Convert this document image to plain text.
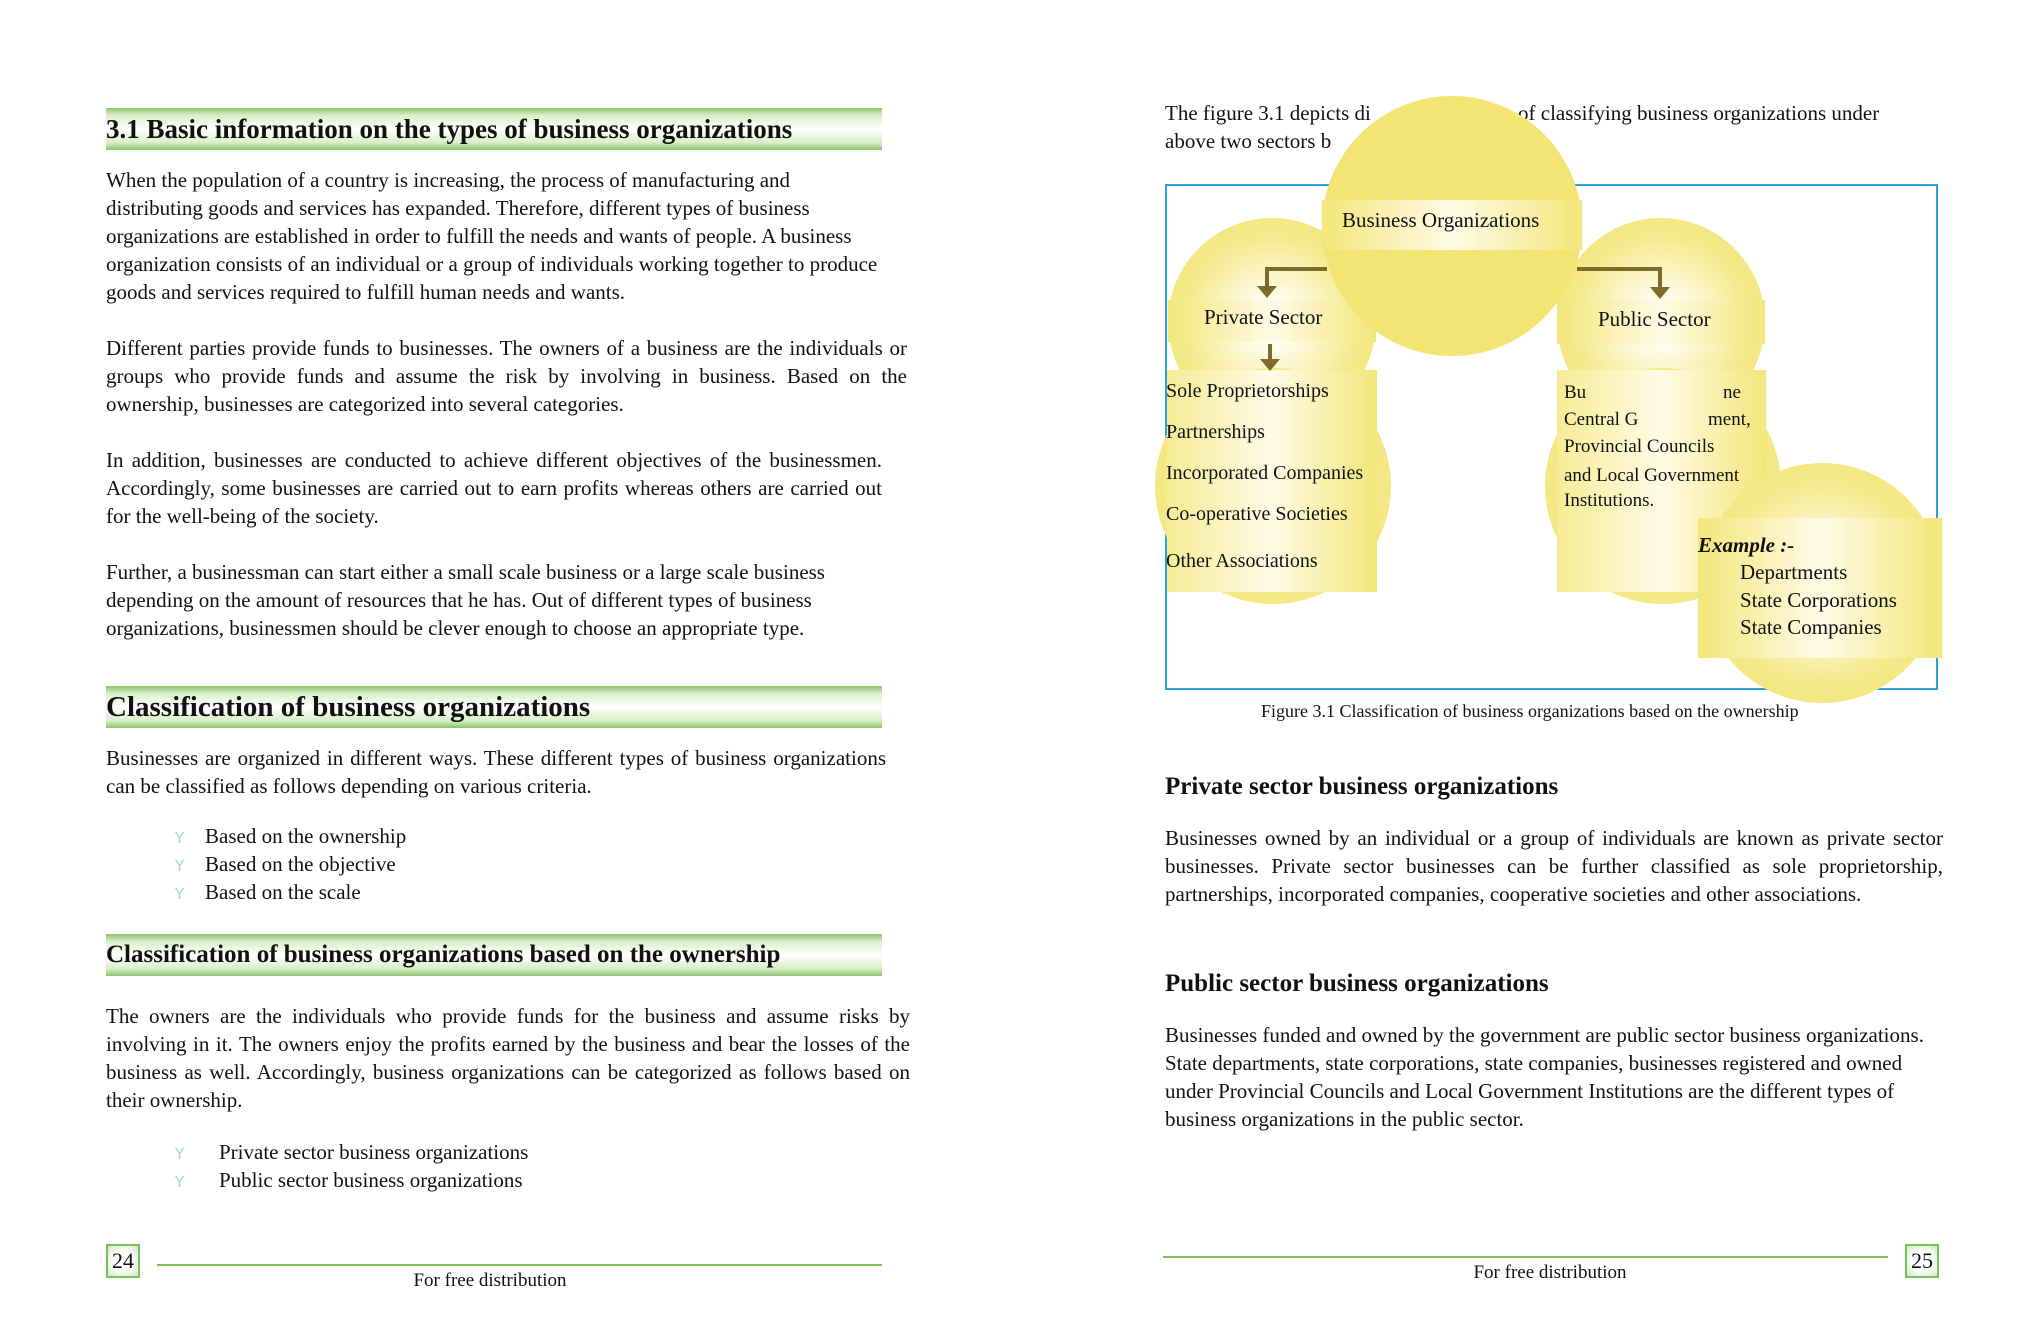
3.1 Basic information on the types of business organizations

When the population of a country is increasing, the process of manufacturing and distributing goods and services has expanded. Therefore, different types of business organizations are established in order to fulfill the needs and wants of people. A business organization consists of an individual or a group of individuals working together to produce goods and services required to fulfill human needs and wants.

Different parties provide funds to businesses. The owners of a business are the individuals or groups who provide funds and assume the risk by involving in business. Based on the ownership, businesses are categorized into several categories.

In addition, businesses are conducted to achieve different objectives of the businessmen. Accordingly, some businesses are carried out to earn profits whereas others are carried out for the well-being of the society.

Further, a businessman can start either a small scale business or a large scale business depending on the amount of resources that he has. Out of different types of business organizations, businessmen should be clever enough to choose an appropriate type.

Classification of business organizations

Businesses are organized in different ways. These different types of business organizations can be classified as follows depending on various criteria.

Y Based on the ownership
Y Based on the objective
Y Based on the scale
Classification of business organizations based on the ownership

The owners are the individuals who provide funds for the business and assume risks by involving in it. The owners enjoy the profits earned by the business and bear the losses of the business as well. Accordingly, business organizations can be categorized as follows based on their ownership.

Y Private sector business organizations
Y Public sector business organizations
24
For free distribution
The figure 3.1 depicts di	of classifying business organizations under
above two sectors b
Private Sector
Sole Proprietorships
Partnerships
Incorporated Companies
Co-operative Societies
Other Associations
Public Sector
Bu	ne
Central G	ment,
Provincial Councils
and Local Government
Institutions.
Business Organizations
Example :-
Departments
State Corporations
State Companies
Figure 3.1 Classification of business organizations based on the ownership
Private sector business organizations

Businesses owned by an individual or a group of individuals are known as private sector businesses. Private sector businesses can be further classified as sole proprietorship, partnerships, incorporated companies, cooperative societies and other associations.

Public sector business organizations

Businesses funded and owned by the government are public sector business organizations. State departments, state corporations, state companies, businesses registered and owned under Provincial Councils and Local Government Institutions are the different types of business organizations in the public sector.

For free distribution	25
